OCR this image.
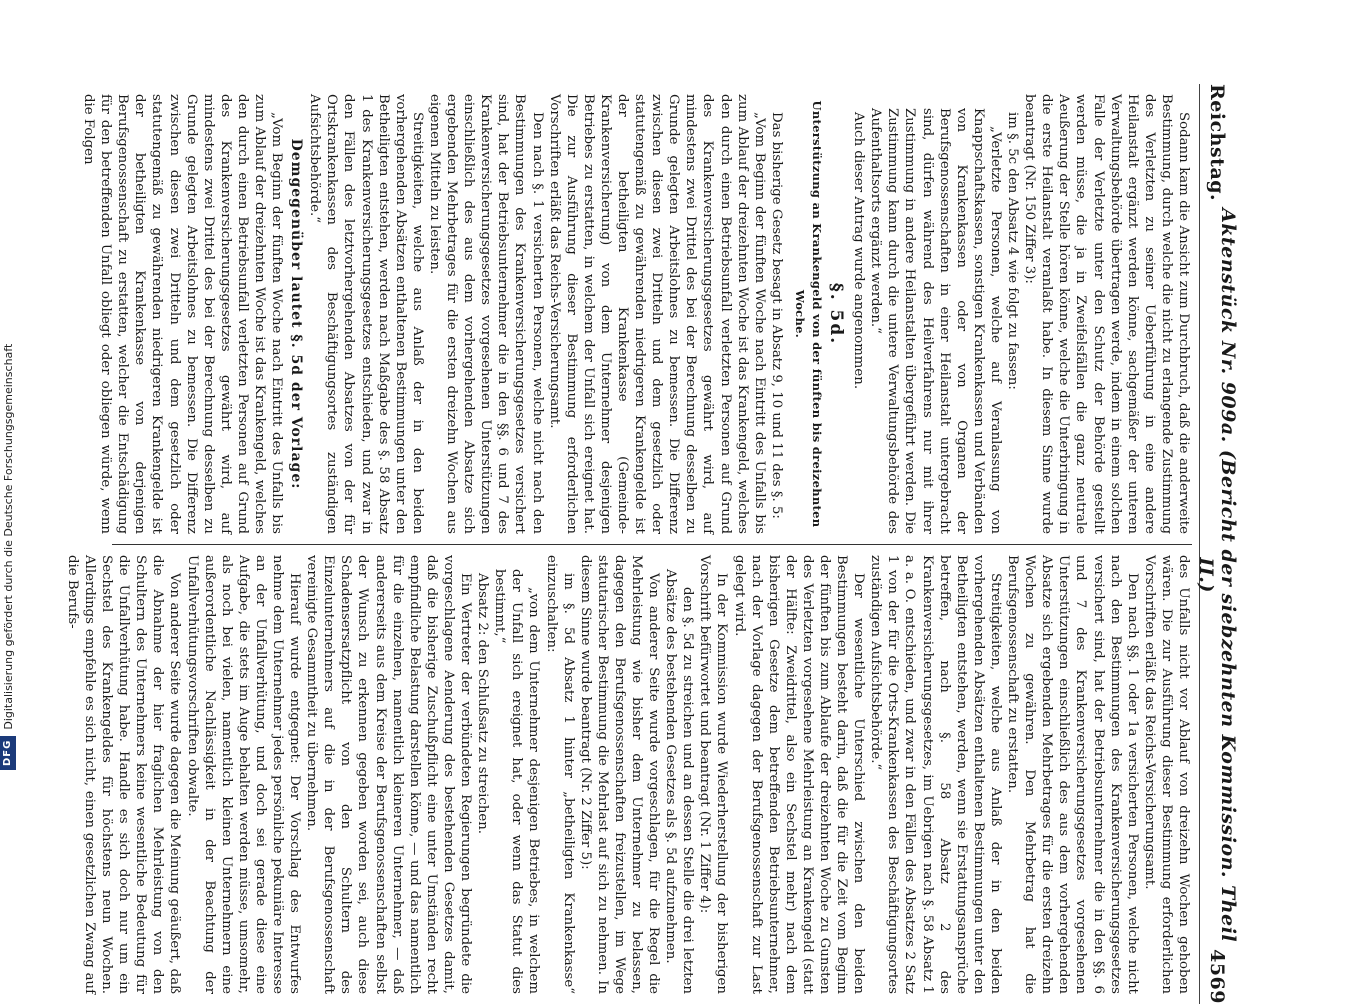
Reichstag.
Aktenstück Nr. 909a. (Bericht der siebzehnten Kommission. Theil II.)
4569

Sodann kam die Ansicht zum Durchbruch, daß die anderweite Bestimmung, durch welche die nicht zu erlangende Zustimmung des Verletzten zu seiner Ueberführung in eine andere Heilanstalt ergänzt werden könne, sachgemäßer der unteren Verwaltungsbehörde übertragen werde, indem in einem solchen Falle der Verletzte unter den Schutz der Behörde gestellt werden müsse, die ja in Zweifelsfällen die ganz neutrale Aeußerung der Stelle hören könne, welche die Unterbringung in die erste Heilanstalt veranlaßt habe. In diesem Sinne wurde beantragt (Nr. 150 Ziffer 3):

im §. 5c den Absatz 4 wie folgt zu fassen:

„Verletzte Personen, welche auf Veranlassung von Knappschaftskassen, sonstigen Krankenkassen und Verbänden von Krankenkassen oder von Organen der Berufsgenossenschaften in einer Heilanstalt untergebracht sind, dürfen während des Heilverfahrens nur mit ihrer Zustimmung in andere Heilanstalten übergeführt werden. Die Zustimmung kann durch die untere Verwaltungsbehörde des Aufenthaltsorts ergänzt werden.“

Auch dieser Antrag wurde angenommen.

§. 5d.
Unterstützung an Krankengeld von der fünften bis dreizehnten Woche.

Das bisherige Gesetz besagt in Absatz 9, 10 und 11 des §. 5:

„Vom Beginn der fünften Woche nach Eintritt des Unfalls bis zum Ablauf der dreizehnten Woche ist das Krankengeld, welches den durch einen Betriebsunfall verletzten Personen auf Grund des Krankenversicherungsgesetzes gewährt wird, auf mindestens zwei Drittel des bei der Berechnung desselben zu Grunde gelegten Arbeitslohnes zu bemessen. Die Differenz zwischen diesen zwei Dritteln und dem gesetzlich oder statutengemäß zu gewährenden niedrigeren Krankengelde ist der betheiligten Krankenkasse (Gemeinde-Krankenversicherung) von dem Unternehmer desjenigen Betriebes zu erstatten, in welchem der Unfall sich ereignet hat. Die zur Ausführung dieser Bestimmung erforderlichen Vorschriften erläßt das Reichs-Versicherungsamt.

Den nach §. 1 versicherten Personen, welche nicht nach den Bestimmungen des Krankenversicherungsgesetzes versichert sind, hat der Betriebsunternehmer die in den §§. 6 und 7 des Krankenversicherungsgesetzes vorgesehenen Unterstützungen einschließlich des aus dem vorhergehenden Absatze sich ergebenden Mehrbetrages für die ersten dreizehn Wochen aus eigenen Mitteln zu leisten.

Streitigkeiten, welche aus Anlaß der in den beiden vorhergehenden Absätzen enthaltenen Bestimmungen unter den Betheiligten entstehen, werden nach Maßgabe des §. 58 Absatz 1 des Krankenversicherungsgesetzes entschieden, und zwar in den Fällen des letztvorhergehenden Absatzes von der für Ortskrankenkassen des Beschäftigungsortes zuständigen Aufsichtsbehörde.“

Demgegenüber lautet §. 5d der Vorlage:

„Vom Beginn der fünften Woche nach Eintritt des Unfalls bis zum Ablauf der dreizehnten Woche ist das Krankengeld, welches den durch einen Betriebsunfall verletzten Personen auf Grund des Krankenversicherungsgesetzes gewährt wird, auf mindestens zwei Drittel des bei der Berechnung desselben zu Grunde gelegten Arbeitslohnes zu bemessen. Die Differenz zwischen diesen zwei Dritteln und dem gesetzlich oder statutengemäß zu gewährenden niedrigeren Krankengelde ist der betheiligten Krankenkasse von derjenigen Berufsgenossenschaft zu erstatten, welcher die Entschädigung für den betreffenden Unfall obliegt oder obliegen würde, wenn die Folgen

des Unfalls nicht vor Ablauf von dreizehn Wochen gehoben wären. Die zur Ausführung dieser Bestimmung erforderlichen Vorschriften erläßt das Reichs-Versicherungsamt.

Den nach §§. 1 oder 1a versicherten Personen, welche nicht nach den Bestimmungen des Krankenversicherungsgesetzes versichert sind, hat der Betriebsunternehmer die in den §§. 6 und 7 des Krankenversicherungsgesetzes vorgesehenen Unterstützungen einschließlich des aus dem vorhergehenden Absatze sich ergebenden Mehrbetrages für die ersten dreizehn Wochen zu gewähren. Den Mehrbetrag hat die Berufsgenossenschaft zu erstatten.

Streitigkeiten, welche aus Anlaß der in den beiden vorhergehenden Absätzen enthaltenen Bestimmungen unter den Betheiligten entstehen, werden, wenn sie Erstattungsansprüche betreffen, nach §. 58 Absatz 2 des Krankenversicherungsgesetzes, im Uebrigen nach §. 58 Absatz 1 a. a. O. entschieden, und zwar in den Fällen des Absatzes 2 Satz 1 von der für die Orts-Krankenkassen des Beschäftigungsortes zuständigen Aufsichtsbehörde.“

Der wesentliche Unterschied zwischen den beiden Bestimmungen besteht darin, daß die für die Zeit vom Beginn der fünften bis zum Ablaufe der dreizehnten Woche zu Gunsten des Verletzten vorgesehene Mehrleistung an Krankengeld (statt der Hälfte: Zweidrittel, also ein Sechstel mehr) nach dem bisherigen Gesetze dem betreffenden Betriebsunternehmer, nach der Vorlage dagegen der Berufsgenossenschaft zur Last gelegt wird.

In der Kommission wurde Wiederherstellung der bisherigen Vorschrift befürwortet und beantragt (Nr. 1 Ziffer 4):

den §. 5d zu streichen und an dessen Stelle die drei letzten Absätze des bestehenden Gesetzes als §. 5d aufzunehmen.

Von anderer Seite wurde vorgeschlagen, für die Regel die Mehrleistung wie bisher dem Unternehmer zu belassen, dagegen den Berufsgenossenschaften freizustellen, im Wege statutarischer Bestimmung die Mehrlast auf sich zu nehmen. In diesem Sinne wurde beantragt (Nr. 2 Ziffer 5):

im §. 5d Absatz 1 hinter „betheiligten Krankenkasse“ einzuschalten:

„von dem Unternehmer desjenigen Betriebes, in welchem der Unfall sich ereignet hat, oder wenn das Statut dies bestimmt,“

Absatz 2: den Schlußsatz zu streichen.

Ein Vertreter der verbündeten Regierungen begründete die vorgeschlagene Aenderung des bestehenden Gesetzes damit, daß die bisherige Zuschußpflicht eine unter Umständen recht empfindliche Belastung darstellen könne, — und das namentlich für die einzelnen, namentlich kleineren Unternehmer, — daß andererseits aus dem Kreise der Berufsgenossenschaften selbst der Wunsch zu erkennen gegeben worden sei, auch diese Schadensersatzpflicht von den Schultern des Einzelunternehmers auf die in der Berufsgenossenschaft vereinigte Gesammtheit zu übernehmen.

Hierauf wurde entgegnet: Der Vorschlag des Entwurfes nehme dem Unternehmer jedes persönliche pekuniäre Interesse an der Unfallverhütung, und doch sei gerade diese eine Aufgabe, die stets im Auge behalten werden müsse, umsomehr, als noch bei vielen, namentlich kleinen Unternehmern eine außerordentliche Nachlässigkeit in der Beachtung der Unfallverhütungsvorschriften obwalte.

Von anderer Seite wurde dagegen die Meinung geäußert, daß die Abnahme der hier fraglichen Mehrleistung von den Schultern des Unternehmers keine wesentliche Bedeutung für die Unfallverhütung habe. Handle es sich doch nur um ein Sechstel des Krankengeldes für höchstens neun Wochen. Allerdings empfehle es sich nicht, einen gesetzlichen Zwang auf die Berufs-

DFG
Digitalisierung gefördert durch die Deutsche Forschungsgemeinschaft
